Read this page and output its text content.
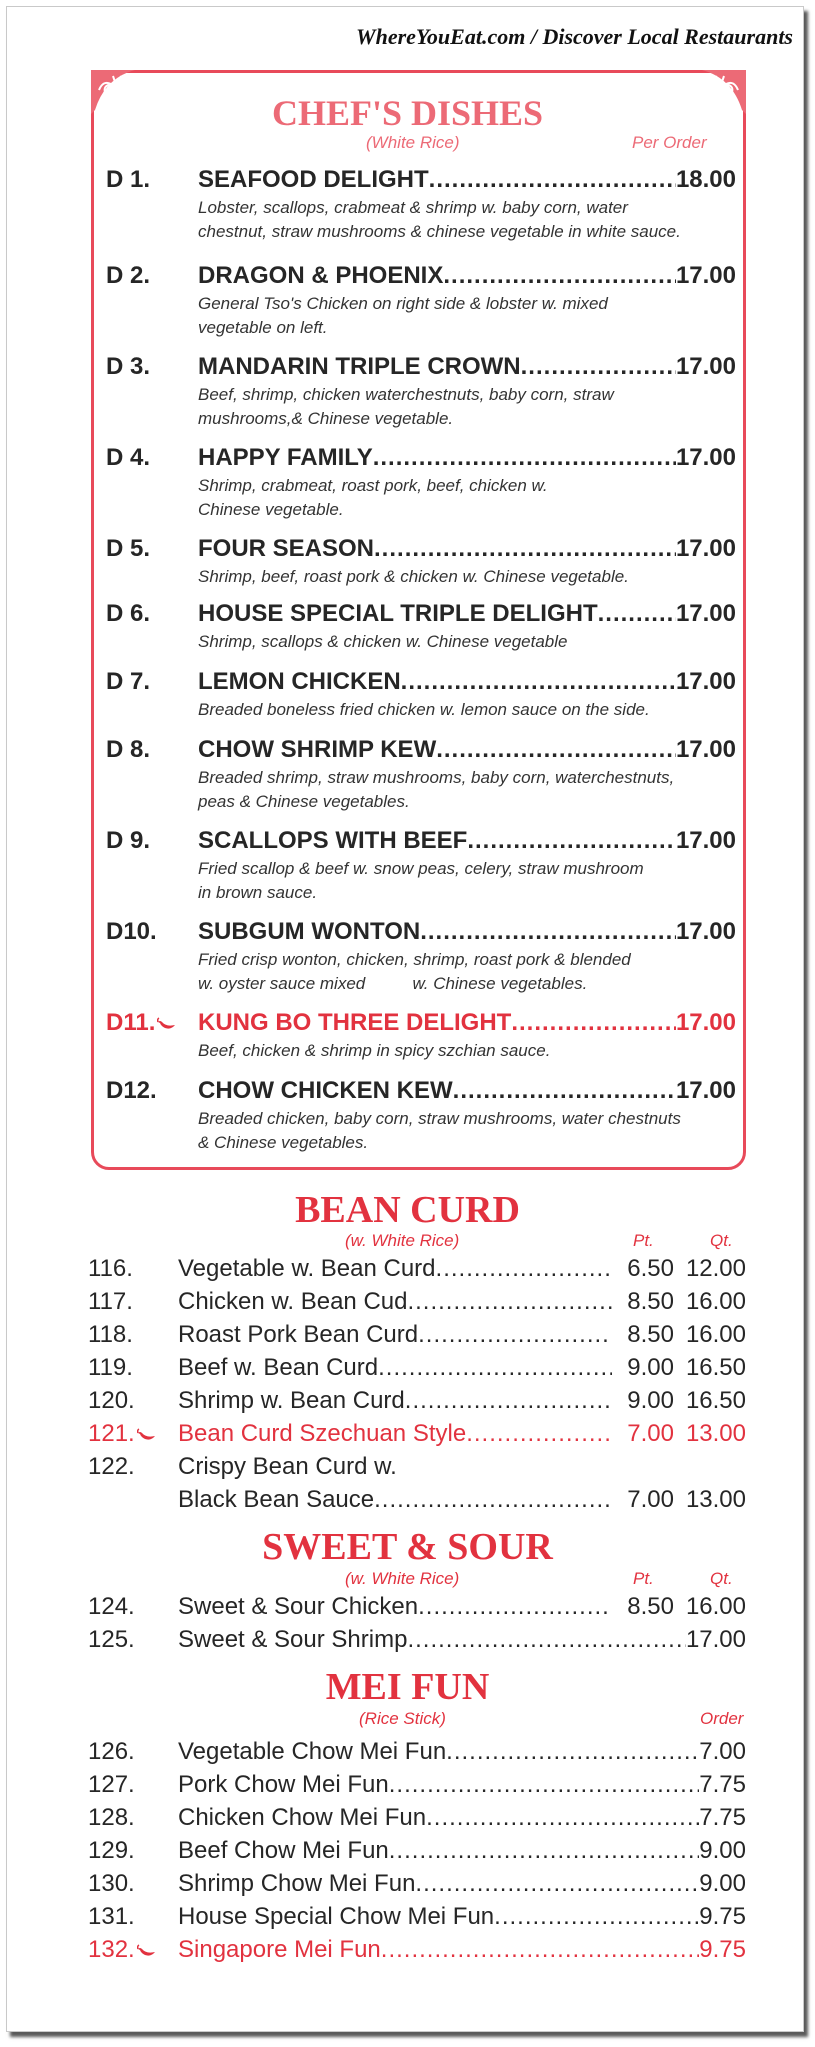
WhereYouEat.com / Discover Local Restaurants
CHEF'S DISHES
(White Rice)	Per Order
D 1.	SEAFOOD DELIGHT .....	18.00
Lobster, scallops, crabmeat & shrimp w. baby corn, water
chestnut, straw mushrooms & chinese vegetable in white sauce.
D 2.	DRAGON & PHOENIX .....	17.00
General Tso's Chicken on right side & lobster w. mixed
vegetable on left.
D 3.	MANDARIN TRIPLE CROWN .....	17.00
Beef, shrimp, chicken waterchestnuts, baby corn, straw
mushrooms,& Chinese vegetable.
D 4.	HAPPY FAMILY .....	17.00
Shrimp, crabmeat, roast pork, beef, chicken w.
Chinese vegetable.
D 5.	FOUR SEASON .....	17.00
Shrimp, beef, roast pork & chicken w. Chinese vegetable.
D 6.	HOUSE SPECIAL TRIPLE DELIGHT .....	17.00
Shrimp, scallops & chicken w. Chinese vegetable
D 7.	LEMON CHICKEN .....	17.00
Breaded boneless fried chicken w. lemon sauce on the side.
D 8.	CHOW SHRIMP KEW .....	17.00
Breaded shrimp, straw mushrooms, baby corn, waterchestnuts,
peas & Chinese vegetables.
D 9.	SCALLOPS WITH BEEF .....	17.00
Fried scallop & beef w. snow peas, celery, straw mushroom
in brown sauce.
D10.	SUBGUM WONTON .....	17.00
Fried crisp wonton, chicken, shrimp, roast pork & blended
w. oyster sauce mixed          w. Chinese vegetables.
D11.	KUNG BO THREE DELIGHT .....	17.00
Beef, chicken & shrimp in spicy szchian sauce.
D12.	CHOW CHICKEN KEW .....	17.00
Breaded chicken, baby corn, straw mushrooms, water chestnuts
& Chinese vegetables.
BEAN CURD
(w. White Rice)	Pt.	Qt.
116.	Vegetable w. Bean Curd .....	6.50 12.00
117.	Chicken w. Bean Cud .....	8.50 16.00
118.	Roast Pork Bean Curd .....	8.50 16.00
119.	Beef w. Bean Curd .....	9.00 16.50
120.	Shrimp w. Bean Curd .....	9.00 16.50
121.	Bean Curd Szechuan Style .....	7.00 13.00
122.	Crispy Bean Curd w.
Black Bean Sauce .....	7.00 13.00
SWEET & SOUR
(w. White Rice)	Pt.	Qt.
124.	Sweet & Sour Chicken .....	8.50 16.00
125.	Sweet & Sour Shrimp .....	17.00
MEI FUN
(Rice Stick)	Order
126.	Vegetable Chow Mei Fun .....	7.00
127.	Pork Chow Mei Fun .....	7.75
128.	Chicken Chow Mei Fun .....	7.75
129.	Beef Chow Mei Fun .....	9.00
130.	Shrimp Chow Mei Fun .....	9.00
131.	House Special Chow Mei Fun .....	9.75
132.	Singapore Mei Fun .....	9.75
